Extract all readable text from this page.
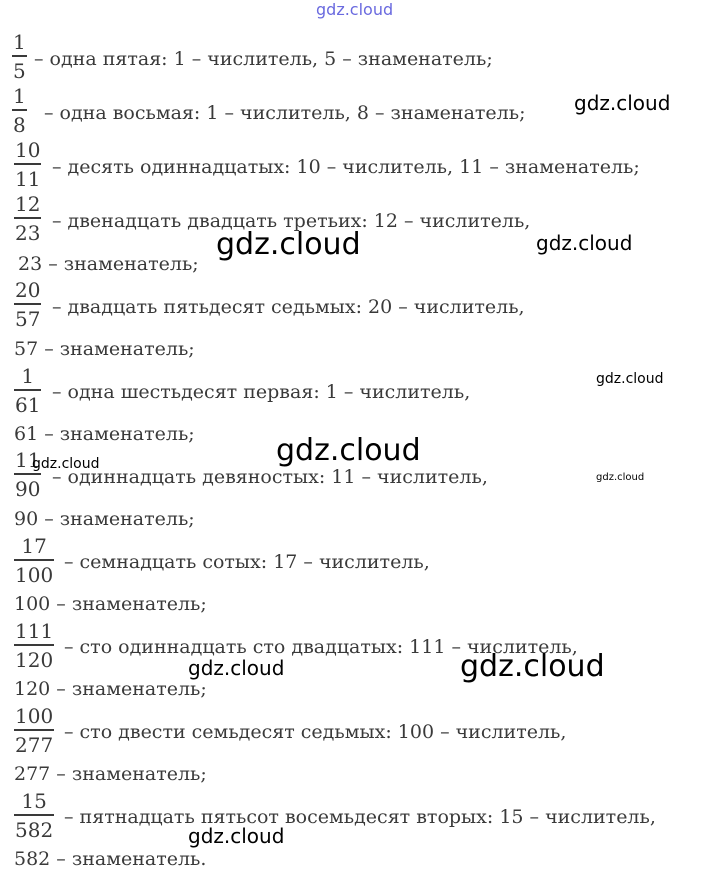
1
5 – одна пятая: 1 – числитель, 5 – знаменатель;
1
8 – одна восьмая: 1 – числитель, 8 – знаменатель;
10
11 – десять одиннадцатых: 10 – числитель, 11 – знаменатель;
12
23 – двенадцать двадцать третьих: 12 – числитель,
23 – знаменатель;
20
57 – двадцать пятьдесят седьмых: 20 – числитель,
57 – знаменатель;
1
61
– одна шестьдесят первая: 1 – числитель,
61 – знаменатель;
11
90 – одиннадцать девяностых: 11 – числитель,
90 – знаменатель;
17
100
– семнадцать сотых: 17 – числитель,
100 – знаменатель;
111
120
– сто одиннадцать сто двадцатых: 111 – числитель,
120 – знаменатель;
100
277
– сто двести семьдесят седьмых: 100 – числитель,
277 – знаменатель;
15
582
– пятнадцать пятьсот восемьдесят вторых: 15 – числитель,
582 – знаменатель.
gdz.cloud
gdz.cloud
gdz.cloud	gdz.cloud
gdz.cloud
gdz.cloud
gdz.cloud
gdz.cloud
gdz.cloud	gdz.cloud
gdz.cloud
